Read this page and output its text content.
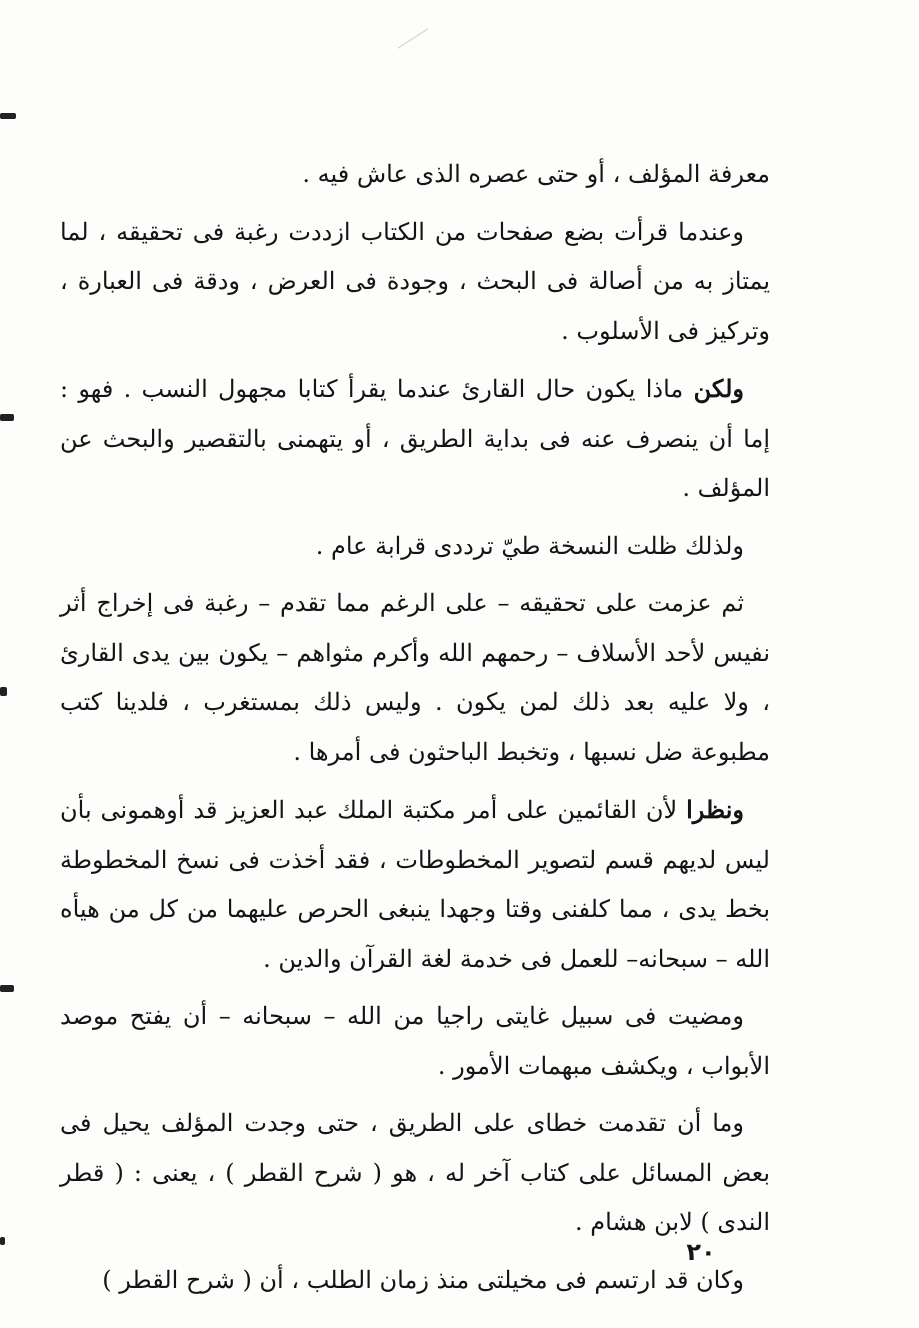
معرفة المؤلف ، أو حتى عصره الذى عاش فيه .

وعندما قرأت بضع صفحات من الكتاب ازددت رغبة فى تحقيقه ، لما يمتاز به من أصالة فى البحث ، وجودة فى العرض ، ودقة فى العبارة ، وتركيز فى الأسلوب .

ولكن ماذا يكون حال القارئ عندما يقرأ كتابا مجهول النسب . فهو : إما أن ينصرف عنه فى بداية الطريق ، أو يتهمنى بالتقصير والبحث عن المؤلف .

ولذلك ظلت النسخة طيّ ترددى قرابة عام .

ثم عزمت على تحقيقه – على الرغم مما تقدم – رغبة فى إخراج أثر نفيس لأحد الأسلاف – رحمهم الله وأكرم مثواهم – يكون بين يدى القارئ ، ولا عليه بعد ذلك لمن يكون . وليس ذلك بمستغرب ، فلدينا كتب مطبوعة ضل نسبها ، وتخبط الباحثون فى أمرها .

ونظرا لأن القائمين على أمر مكتبة الملك عبد العزيز قد أوهمونى بأن ليس لديهم قسم لتصوير المخطوطات ، فقد أخذت فى نسخ المخطوطة بخط يدى ، مما كلفنى وقتا وجهدا ينبغى الحرص عليهما من كل من هيأه الله – سبحانه– للعمل فى خدمة لغة القرآن والدين .

ومضيت فى سبيل غايتى راجيا من الله – سبحانه – أن يفتح موصد الأبواب ، ويكشف مبهمات الأمور .

وما أن تقدمت خطاى على الطريق ، حتى وجدت المؤلف يحيل فى بعض المسائل على كتاب آخر له ، هو ( شرح القطر ) ، يعنى : ( قطر الندى ) لابن هشام .

وكان قد ارتسم فى مخيلتى منذ زمان الطلب ، أن ( شرح القطر )

٢٠
